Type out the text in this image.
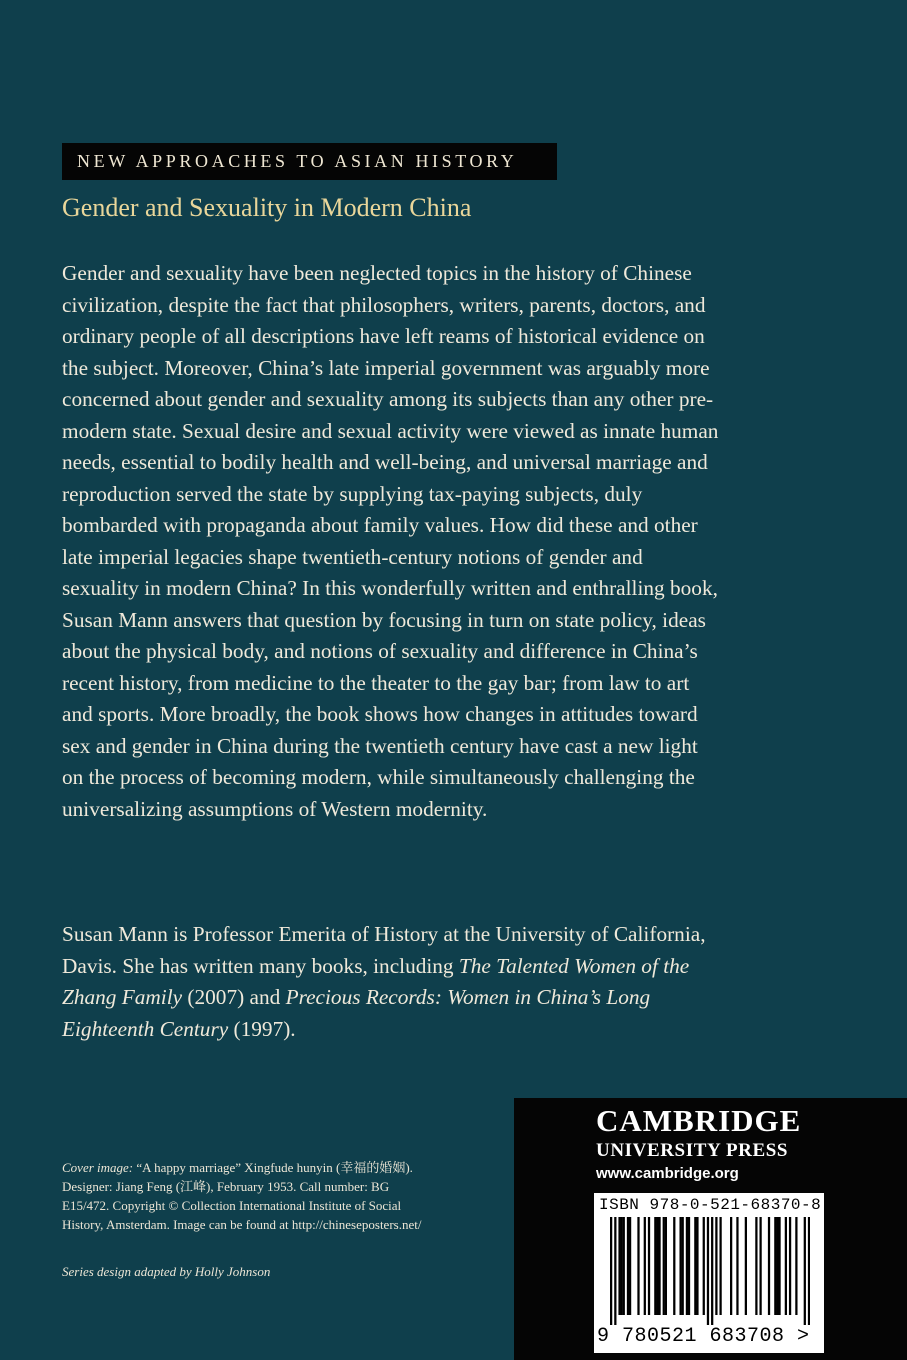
NEW APPROACHES TO ASIAN HISTORY
Gender and Sexuality in Modern China
Gender and sexuality have been neglected topics in the history of Chinese civilization, despite the fact that philosophers, writers, parents, doctors, and ordinary people of all descriptions have left reams of historical evidence on the subject. Moreover, China’s late imperial government was arguably more concerned about gender and sexuality among its subjects than any other pre-modern state. Sexual desire and sexual activity were viewed as innate human needs, essential to bodily health and well-being, and universal marriage and reproduction served the state by supplying tax-paying subjects, duly bombarded with propaganda about family values. How did these and other late imperial legacies shape twentieth-century notions of gender and sexuality in modern China? In this wonderfully written and enthralling book, Susan Mann answers that question by focusing in turn on state policy, ideas about the physical body, and notions of sexuality and difference in China’s recent history, from medicine to the theater to the gay bar; from law to art and sports. More broadly, the book shows how changes in attitudes toward sex and gender in China during the twentieth century have cast a new light on the process of becoming modern, while simultaneously challenging the universalizing assumptions of Western modernity.
Susan Mann is Professor Emerita of History at the University of California, Davis. She has written many books, including The Talented Women of the Zhang Family (2007) and Precious Records: Women in China’s Long Eighteenth Century (1997).
Cover image: “A happy marriage” Xingfude hunyin (幸福的婚姻). Designer: Jiang Feng (江峰), February 1953. Call number: BG E15/472. Copyright © Collection International Institute of Social History, Amsterdam. Image can be found at http://chineseposters.net/
Series design adapted by Holly Johnson
CAMBRIDGE
UNIVERSITY PRESS
www.cambridge.org
ISBN 978-0-521-68370-8
9 780521 683708 >
